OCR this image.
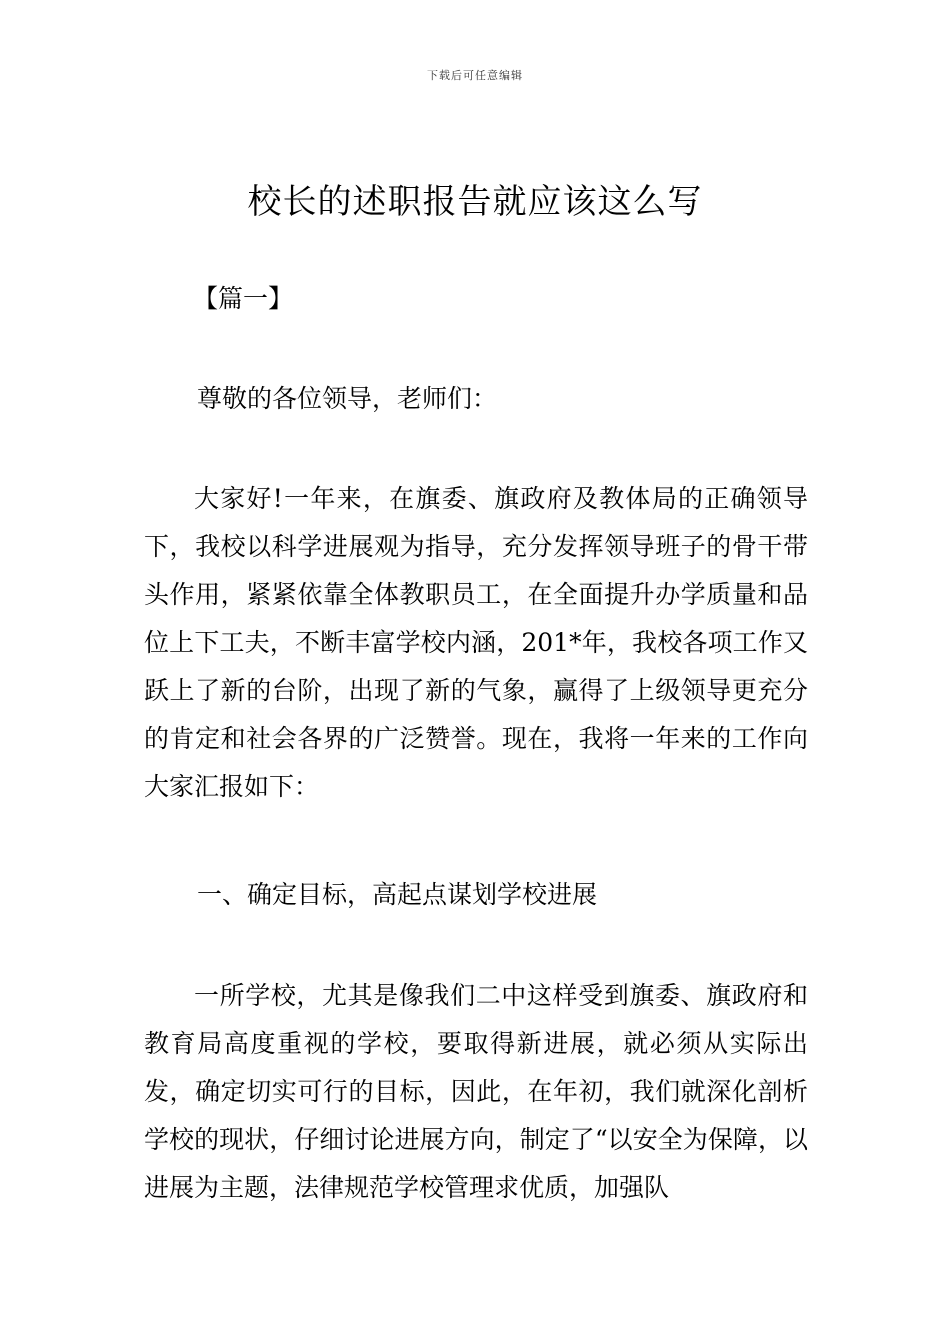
下载后可任意编辑
校长的述职报告就应该这么写
【篇一】
尊敬的各位领导，老师们：

大家好!一年来，在旗委、旗政府及教体局的正确领导下，我校以科学进展观为指导，充分发挥领导班子的骨干带头作用，紧紧依靠全体教职员工，在全面提升办学质量和品位上下工夫，不断丰富学校内涵，201*年，我校各项工作又跃上了新的台阶，出现了新的气象，赢得了上级领导更充分的肯定和社会各界的广泛赞誉。现在，我将一年来的工作向大家汇报如下：

一、确定目标，高起点谋划学校进展

一所学校，尤其是像我们二中这样受到旗委、旗政府和教育局高度重视的学校，要取得新进展，就必须从实际出发，确定切实可行的目标，因此，在年初，我们就深化剖析学校的现状，仔细讨论进展方向，制定了“以安全为保障，以进展为主题，法律规范学校管理求优质，加强队
